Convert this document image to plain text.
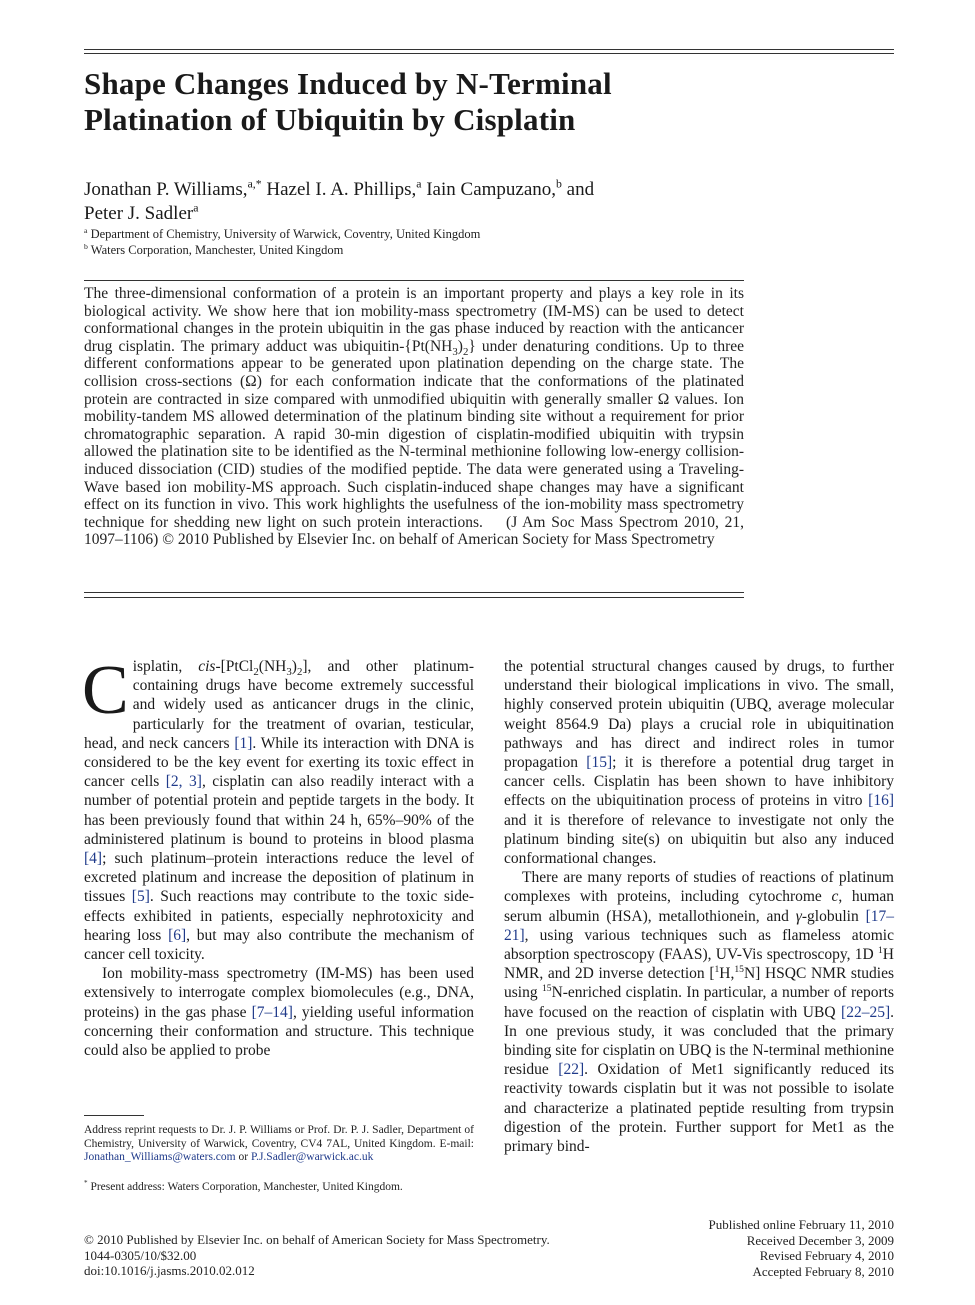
Shape Changes Induced by N-Terminal
Platination of Ubiquitin by Cisplatin
Jonathan P. Williams,$^{a,*}$ Hazel I. A. Phillips,$^a$ Iain Campuzano,$^b$ and
Peter J. Sadler$^a$
$^a$ Department of Chemistry, University of Warwick, Coventry, United Kingdom
$^b$ Waters Corporation, Manchester, United Kingdom

The three-dimensional conformation of a protein is an important property and plays a key role in its biological activity. We show here that ion mobility-mass spectrometry (IM-MS) can be used to detect conformational changes in the protein ubiquitin in the gas phase induced by reaction with the anticancer drug cisplatin. The primary adduct was ubiquitin-$\{Pt(NH_3)_2\}$ under denaturing conditions. Up to three different conformations appear to be generated upon platination depending on the charge state. The collision cross-sections (Ω) for each conformation indicate that the conformations of the platinated protein are contracted in size compared with unmodified ubiquitin with generally smaller Ω values. Ion mobility-tandem MS allowed determination of the platinum binding site without a requirement for prior chromatographic separation. A rapid 30-min digestion of cisplatin-modified ubiquitin with trypsin allowed the platination site to be identified as the N-terminal methionine following low-energy collision-induced dissociation (CID) studies of the modified peptide. The data were generated using a Traveling-Wave based ion mobility-MS approach. Such cisplatin-induced shape changes may have a significant effect on its function in vivo. This work highlights the usefulness of the ion-mobility mass spectrometry technique for shedding new light on such protein interactions.    (J Am Soc Mass Spectrom 2010, 21, 1097–1106) © 2010 Published by Elsevier Inc. on behalf of American Society for Mass Spectrometry

Cisplatin, cis-$[PtCl_2(NH_3)_2]$, and other platinum-containing drugs have become extremely successful and widely used as anticancer drugs in the clinic, particularly for the treatment of ovarian, testicular, head, and neck cancers [1]. While its interaction with DNA is considered to be the key event for exerting its toxic effect in cancer cells [2, 3], cisplatin can also readily interact with a number of potential protein and peptide targets in the body. It has been previously found that within 24 h, 65%–90% of the administered platinum is bound to proteins in blood plasma [4]; such platinum–protein interactions reduce the level of excreted platinum and increase the deposition of platinum in tissues [5]. Such reactions may contribute to the toxic side-effects exhibited in patients, especially nephrotoxicity and hearing loss [6], but may also contribute the mechanism of cancer cell toxicity.

Ion mobility-mass spectrometry (IM-MS) has been used extensively to interrogate complex biomolecules (e.g., DNA, proteins) in the gas phase [7–14], yielding useful information concerning their conformation and structure. This technique could also be applied to probe

the potential structural changes caused by drugs, to further understand their biological implications in vivo. The small, highly conserved protein ubiquitin (UBQ, average molecular weight 8564.9 Da) plays a crucial role in ubiquitination pathways and has direct and indirect roles in tumor propagation [15]; it is therefore a potential drug target in cancer cells. Cisplatin has been shown to have inhibitory effects on the ubiquitination process of proteins in vitro [16] and it is therefore of relevance to investigate not only the platinum binding site(s) on ubiquitin but also any induced conformational changes.

There are many reports of studies of reactions of platinum complexes with proteins, including cytochrome c, human serum albumin (HSA), metallothionein, and γ-globulin [17–21], using various techniques such as flameless atomic absorption spectroscopy (FAAS), UV-Vis spectroscopy, 1D $^1$H NMR, and 2D inverse detection [$^1$H,$^{15}$N] HSQC NMR studies using $^{15}$N-enriched cisplatin. In particular, a number of reports have focused on the reaction of cisplatin with UBQ [22–25]. In one previous study, it was concluded that the primary binding site for cisplatin on UBQ is the N-terminal methionine residue [22]. Oxidation of Met1 significantly reduced its reactivity towards cisplatin but it was not possible to isolate and characterize a platinated peptide resulting from trypsin digestion of the protein. Further support for Met1 as the primary bind-

Address reprint requests to Dr. J. P. Williams or Prof. Dr. P. J. Sadler, Department of Chemistry, University of Warwick, Coventry, CV4 7AL, United Kingdom. E-mail: Jonathan_Williams@waters.com or P.J.Sadler@warwick.ac.uk
* Present address: Waters Corporation, Manchester, United Kingdom.
© 2010 Published by Elsevier Inc. on behalf of American Society for Mass Spectrometry.
1044-0305/10/$32.00
doi:10.1016/j.jasms.2010.02.012
Published online February 11, 2010
Received December 3, 2009
Revised February 4, 2010
Accepted February 8, 2010
